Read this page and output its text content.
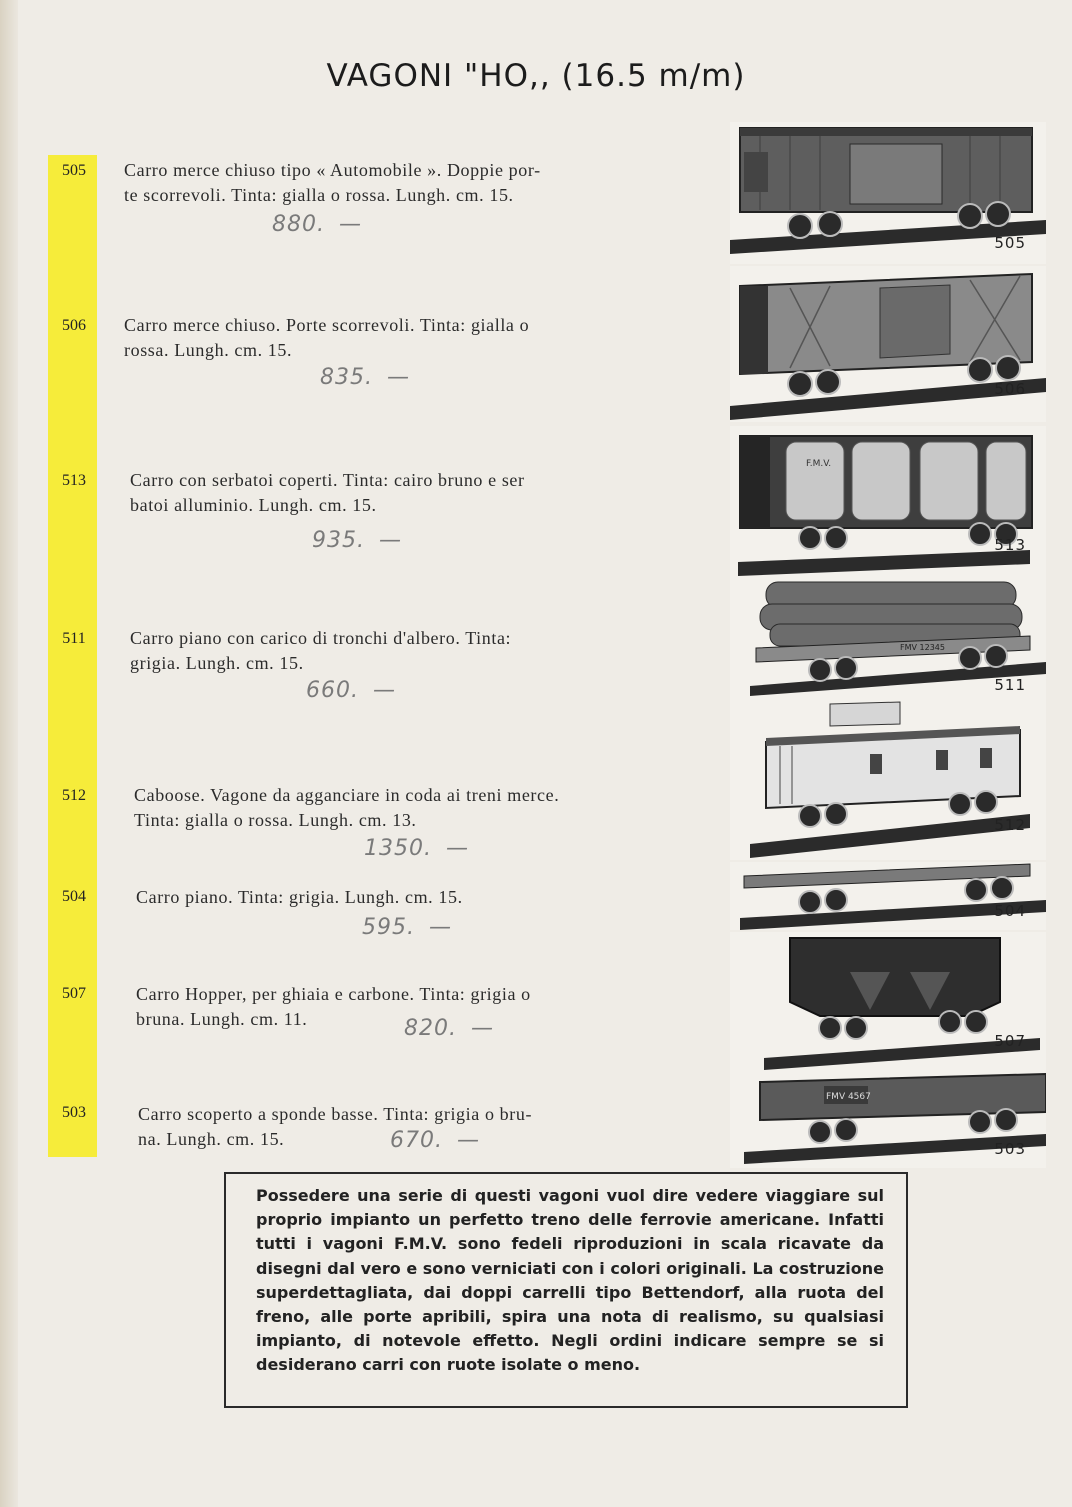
VAGONI "HO,, (16.5 m/m)
505
506
513
511
512
504
507
503
Carro merce chiuso tipo « Automobile ». Doppie por-
te scorrevoli. Tinta: gialla o rossa. Lungh. cm. 15.
Carro merce chiuso. Porte scorrevoli. Tinta: gialla o
rossa. Lungh. cm. 15.
Carro con serbatoi coperti. Tinta: cairo bruno e ser
batoi alluminio. Lungh. cm. 15.
Carro piano con carico di tronchi d'albero. Tinta:
grigia. Lungh. cm. 15.
Caboose. Vagone da agganciare in coda ai treni merce.
Tinta: gialla o rossa. Lungh. cm. 13.
Carro piano. Tinta: grigia. Lungh. cm. 15.
Carro Hopper, per ghiaia e carbone. Tinta: grigia o
bruna. Lungh. cm. 11.
Carro scoperto a sponde basse. Tinta: grigia o bru-
na. Lungh. cm. 15.
880. —
835. —
935. —
660. —
1350. —
595. —
820. —
670. —
505
506
F.M.V.
513
FMV 12345
511
512
504
507
FMV 4567
503

Possedere una serie di questi vagoni vuol dire vedere viaggiare sul proprio impianto un perfetto treno delle ferrovie americane. Infatti tutti i vagoni F.M.V. sono fedeli riproduzioni in scala ricavate da disegni dal vero e sono verniciati con i colori originali. La costruzione superdettagliata, dai doppi carrelli tipo Bettendorf, alla ruota del freno, alle porte apribili, spira una nota di realismo, su qualsiasi impianto, di notevole effetto. Negli ordini indicare sempre se si desiderano carri con ruote isolate o meno.
